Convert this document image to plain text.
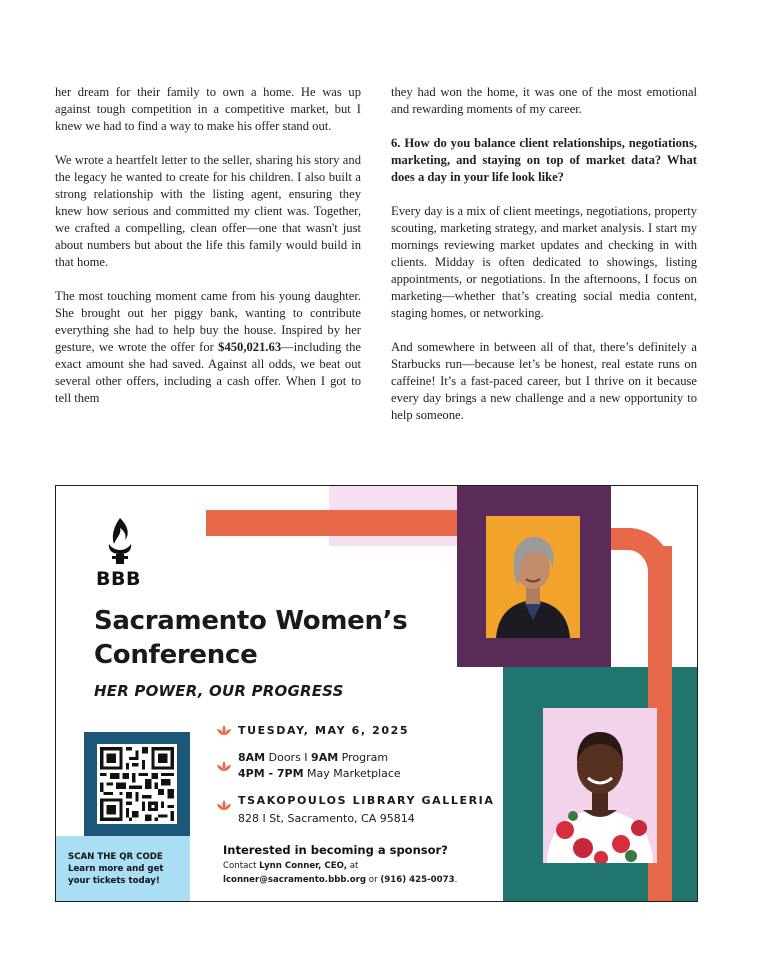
her dream for their family to own a home. He was up against tough competition in a competitive market, but I knew we had to find a way to make his offer stand out.

We wrote a heartfelt letter to the seller, sharing his story and the legacy he wanted to create for his children. I also built a strong relationship with the listing agent, ensuring they knew how serious and committed my client was. Together, we crafted a compelling, clean offer—one that wasn't just about numbers but about the life this family would build in that home.

The most touching moment came from his young daughter. She brought out her piggy bank, wanting to contribute everything she had to help buy the house. Inspired by her gesture, we wrote the offer for $450,021.63—including the exact amount she had saved. Against all odds, we beat out several other offers, including a cash offer. When I got to tell them

they had won the home, it was one of the most emotional and rewarding moments of my career.

6. How do you balance client relationships, negotiations, marketing, and staying on top of market data? What does a day in your life look like?

Every day is a mix of client meetings, negotiations, property scouting, marketing strategy, and market analysis. I start my mornings reviewing market updates and checking in with clients. Midday is often dedicated to showings, listing appointments, or negotiations. In the afternoons, I focus on marketing—whether that’s creating social media content, staging homes, or networking.

And somewhere in between all of that, there’s definitely a Starbucks run—because let’s be honest, real estate runs on caffeine! It’s a fast-paced career, but I thrive on it because every day brings a new challenge and a new opportunity to help someone.

BBB
Sacramento Women’s
Conference
HER POWER, OUR PROGRESS
TUESDAY, MAY 6, 2025
8AM Doors I 9AM Program
4PM - 7PM May Marketplace
TSAKOPOULOS LIBRARY GALLERIA
828 I St, Sacramento, CA 95814
SCAN THE QR CODE
Learn more and get
your tickets today!
Interested in becoming a sponsor?
Contact Lynn Conner, CEO, at
lconner@sacramento.bbb.org or (916) 425-0073.
